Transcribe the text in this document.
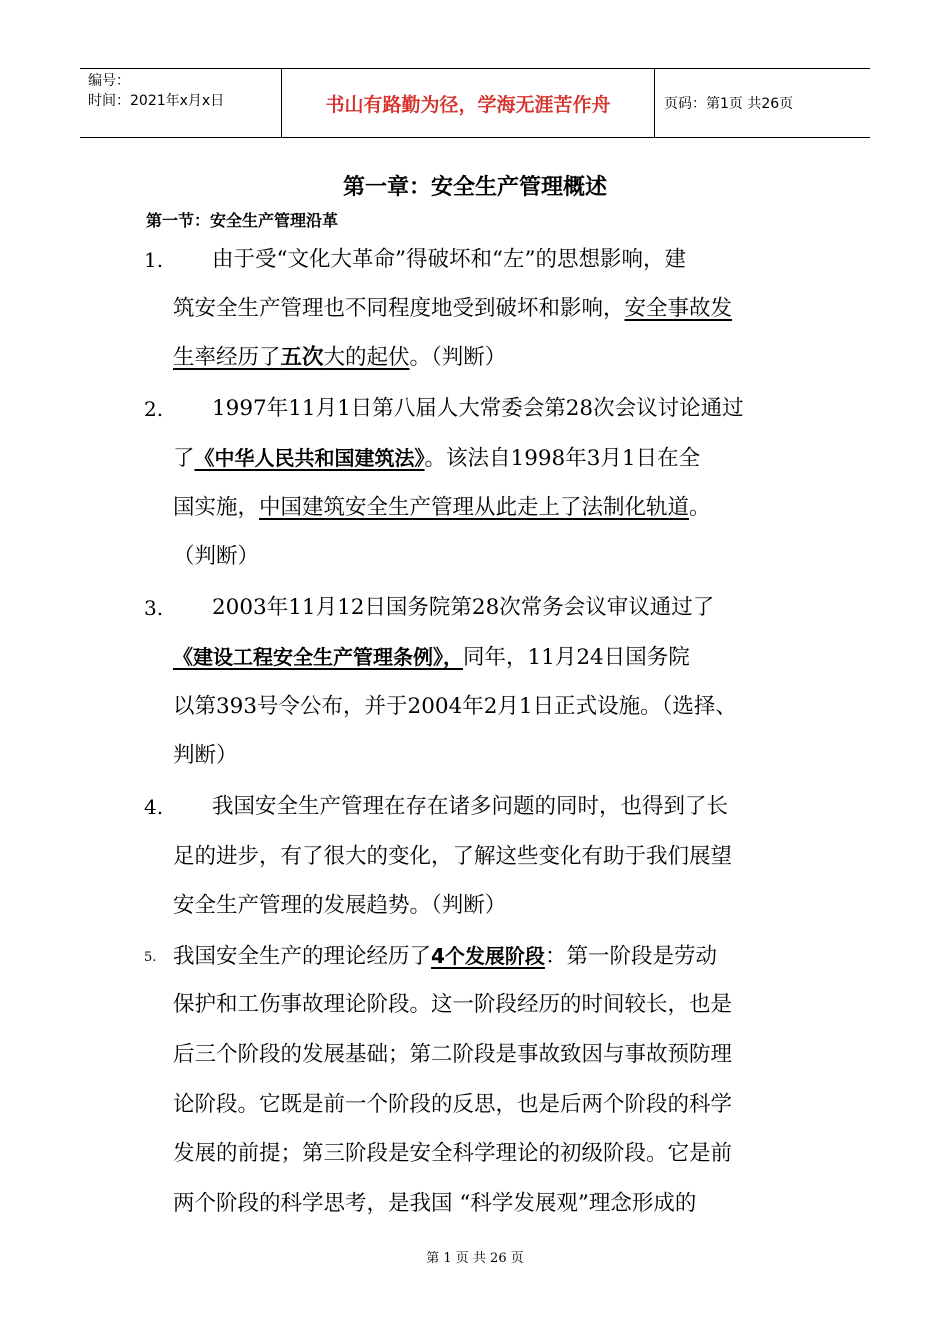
编号：
时间：2021年x月x日	书山有路勤为径，学海无涯苦作舟	页码：第1页 共26页
第一章：安全生产管理概述
第一节：安全生产管理沿革
1. 由于受“文化大革命”得破坏和“左”的思想影响，建
筑安全生产管理也不同程度地受到破坏和影响，安全事故发
生率经历了五次大的起伏。（判断）
2. 1997年11月1日第八届人大常委会第28次会议讨论通过
了《中华人民共和国建筑法》。该法自1998年3月1日在全
国实施，中国建筑安全生产管理从此走上了法制化轨道。
（判断）
3. 2003年11月12日国务院第28次常务会议审议通过了
《建设工程安全生产管理条例》，同年，11月24日国务院
以第393号令公布，并于2004年2月1日正式设施。（选择、
判断）
4. 我国安全生产管理在存在诸多问题的同时，也得到了长
足的进步，有了很大的变化，了解这些变化有助于我们展望
安全生产管理的发展趋势。（判断）
5. 我国安全生产的理论经历了4个发展阶段：第一阶段是劳动
保护和工伤事故理论阶段。这一阶段经历的时间较长，也是
后三个阶段的发展基础；第二阶段是事故致因与事故预防理
论阶段。它既是前一个阶段的反思，也是后两个阶段的科学
发展的前提；第三阶段是安全科学理论的初级阶段。它是前
两个阶段的科学思考，是我国 “科学发展观”理念形成的
第 1 页 共 26 页
